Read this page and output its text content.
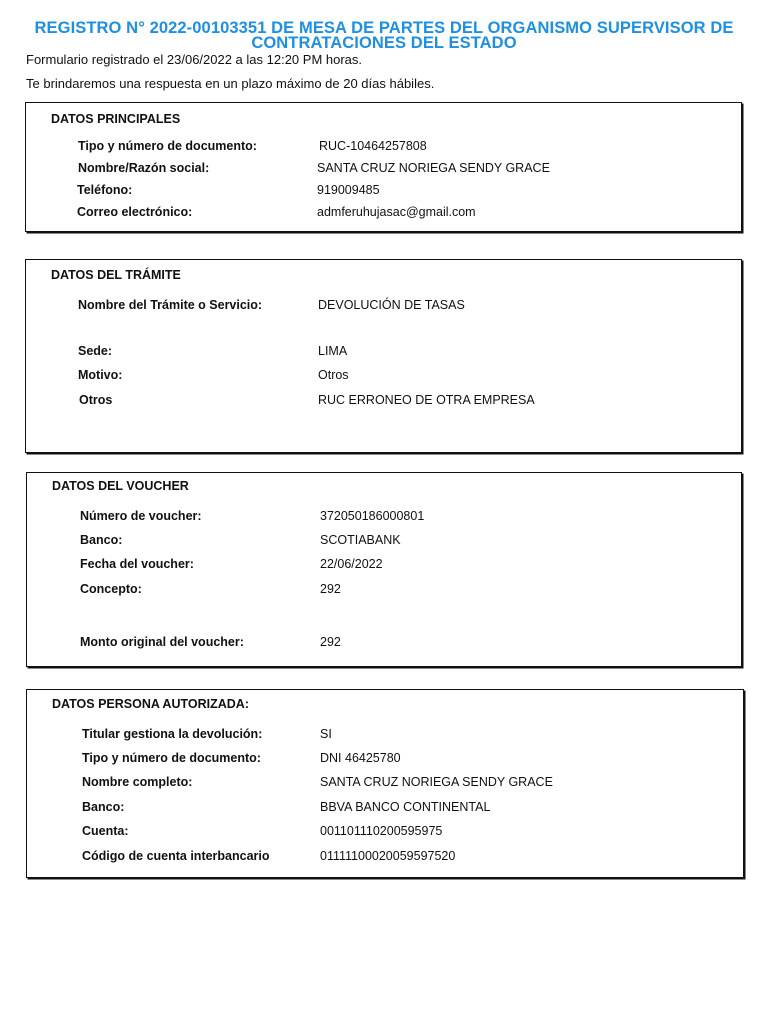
REGISTRO N° 2022-00103351 DE MESA DE PARTES DEL ORGANISMO SUPERVISOR DE CONTRATACIONES DEL ESTADO
Formulario registrado el 23/06/2022 a las 12:20 PM horas.
Te brindaremos una respuesta en un plazo máximo de 20 días hábiles.
DATOS PRINCIPALES
Tipo y número de documento:	RUC-10464257808
Nombre/Razón social:	SANTA CRUZ NORIEGA SENDY GRACE
Teléfono:	919009485
Correo electrónico:	admferuhujasac@gmail.com
DATOS DEL TRÁMITE
Nombre del Trámite o Servicio:	DEVOLUCIÓN DE TASAS
Sede:	LIMA
Motivo:	Otros
Otros	RUC ERRONEO DE OTRA EMPRESA
DATOS DEL VOUCHER
Número de voucher:	372050186000801
Banco:	SCOTIABANK
Fecha del voucher:	22/06/2022
Concepto:	292
Monto original del voucher:	292
DATOS PERSONA AUTORIZADA:
Titular gestiona la devolución:	SI
Tipo y número de documento:	DNI 46425780
Nombre completo:	SANTA CRUZ NORIEGA SENDY GRACE
Banco:	BBVA BANCO CONTINENTAL
Cuenta:	001101110200595975
Código de cuenta interbancario	01111100020059597520
